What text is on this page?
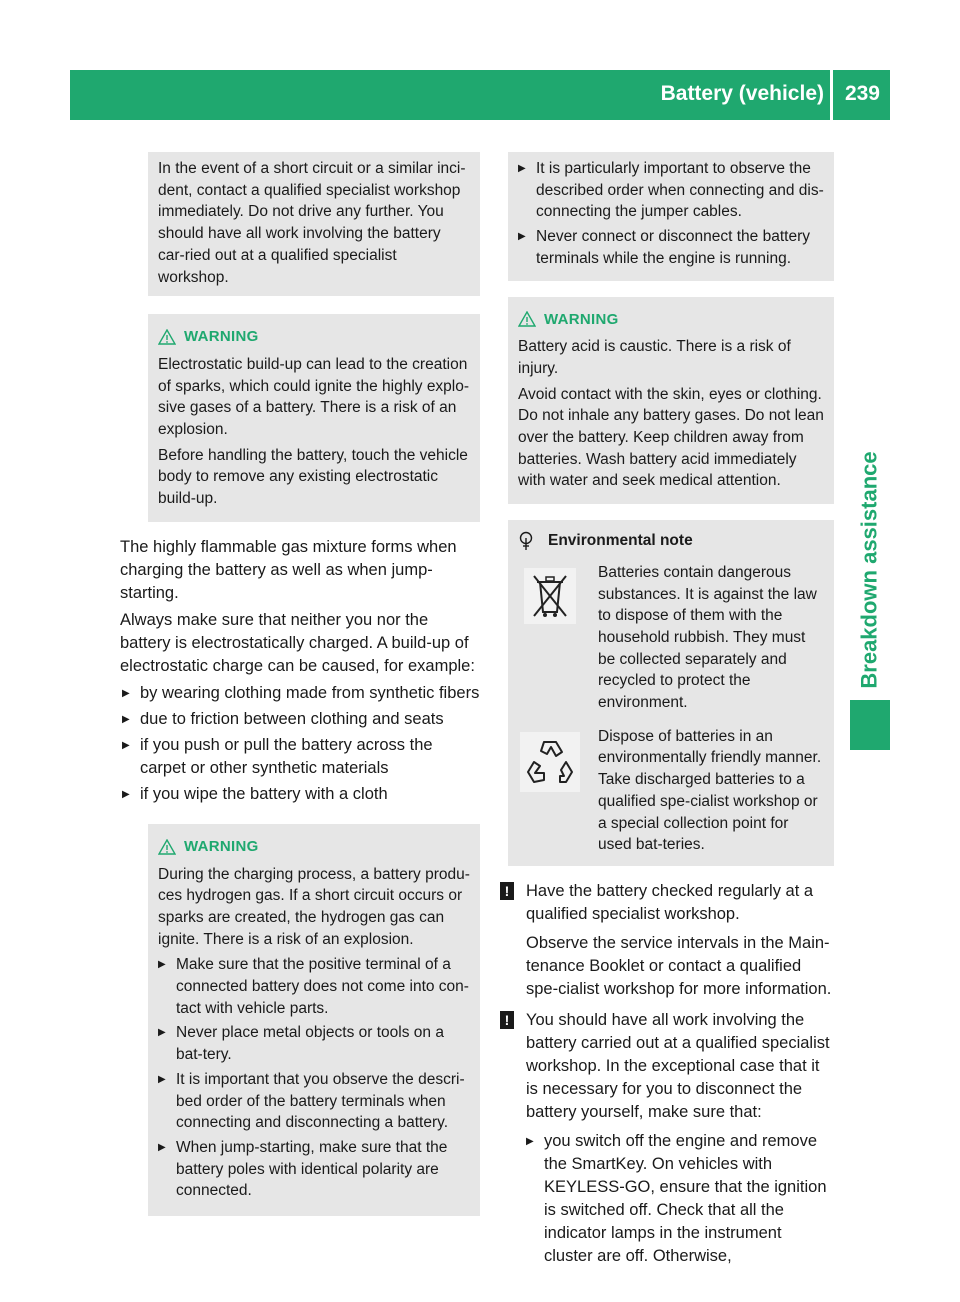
Battery (vehicle) 239
Breakdown assistance

In the event of a short circuit or a similar inci-dent, contact a qualified specialist workshop immediately. Do not drive any further. You should have all work involving the battery car-ried out at a qualified specialist workshop.

WARNING

Electrostatic build-up can lead to the creation of sparks, which could ignite the highly explo-sive gases of a battery. There is a risk of an explosion.

Before handling the battery, touch the vehicle body to remove any existing electrostatic build-up.

The highly flammable gas mixture forms when charging the battery as well as when jump-starting.

Always make sure that neither you nor the battery is electrostatically charged. A build-up of electrostatic charge can be caused, for example:

▶ by wearing clothing made from synthetic fibers
▶ due to friction between clothing and seats
▶ if you push or pull the battery across the carpet or other synthetic materials
▶ if you wipe the battery with a cloth
WARNING

During the charging process, a battery produ-ces hydrogen gas. If a short circuit occurs or sparks are created, the hydrogen gas can ignite. There is a risk of an explosion.

▶ Make sure that the positive terminal of a connected battery does not come into con-tact with vehicle parts.
▶ Never place metal objects or tools on a bat-tery.
▶ It is important that you observe the descri-bed order of the battery terminals when connecting and disconnecting a battery.
▶ When jump-starting, make sure that the battery poles with identical polarity are connected.
▶ It is particularly important to observe the described order when connecting and dis-connecting the jumper cables.
▶ Never connect or disconnect the battery terminals while the engine is running.
WARNING

Battery acid is caustic. There is a risk of injury.

Avoid contact with the skin, eyes or clothing. Do not inhale any battery gases. Do not lean over the battery. Keep children away from batteries. Wash battery acid immediately with water and seek medical attention.

Environmental note
Batteries contain dangerous substances. It is against the law to dispose of them with the household rubbish. They must be collected separately and recycled to protect the environment.
Dispose of batteries in an environmentally friendly manner. Take discharged batteries to a qualified spe-cialist workshop or a special collection point for used bat-teries.
! Have the battery checked regularly at a qualified specialist workshop.

Observe the service intervals in the Main-tenance Booklet or contact a qualified spe-cialist workshop for more information.

! You should have all work involving the battery carried out at a qualified specialist workshop. In the exceptional case that it is necessary for you to disconnect the battery yourself, make sure that:

▶ you switch off the engine and remove the SmartKey. On vehicles with KEYLESS-GO, ensure that the ignition is switched off. Check that all the indicator lamps in the instrument cluster are off. Otherwise,
